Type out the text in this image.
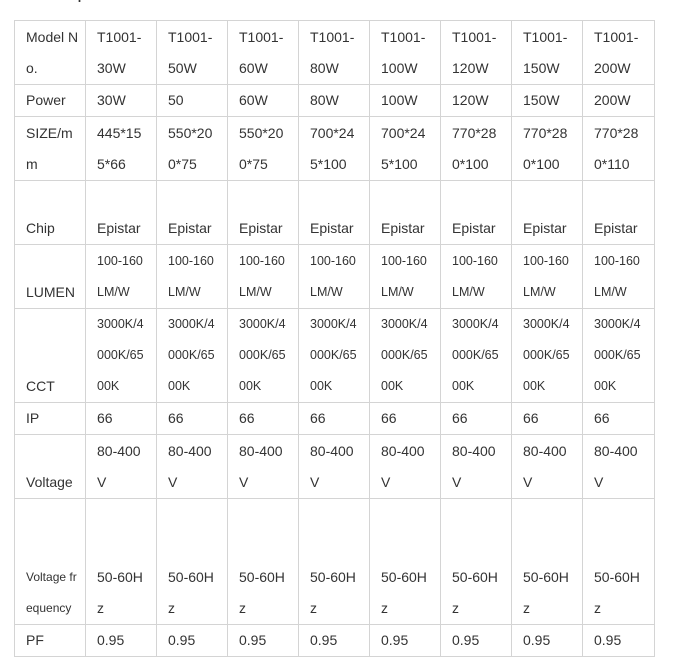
Model No.	T1001-30W	T1001-50W	T1001-60W	T1001-80W	T1001-100W	T1001-120W	T1001-150W	T1001-200W

Power	30W	50	60W	80W	100W	120W	150W	200W

SIZE/mm	445*155*66	550*200*75	550*200*75	700*245*100	700*245*100	770*280*100	770*280*100	770*280*110

Chip	Epistar	Epistar	Epistar	Epistar	Epistar	Epistar	Epistar	Epistar

LUMEN	100-160LM/W	100-160LM/W	100-160LM/W	100-160LM/W	100-160LM/W	100-160LM/W	100-160LM/W	100-160LM/W

CCT	3000K/4000K/6500K	3000K/4000K/6500K	3000K/4000K/6500K	3000K/4000K/6500K	3000K/4000K/6500K	3000K/4000K/6500K	3000K/4000K/6500K	3000K/4000K/6500K

IP	66	66	66	66	66	66	66	66

Voltage	80-400V	80-400V	80-400V	80-400V	80-400V	80-400V	80-400V	80-400V

Voltage frequency	50-60Hz	50-60Hz	50-60Hz	50-60Hz	50-60Hz	50-60Hz	50-60Hz	50-60Hz

PF	0.95	0.95	0.95	0.95	0.95	0.95	0.95	0.95
